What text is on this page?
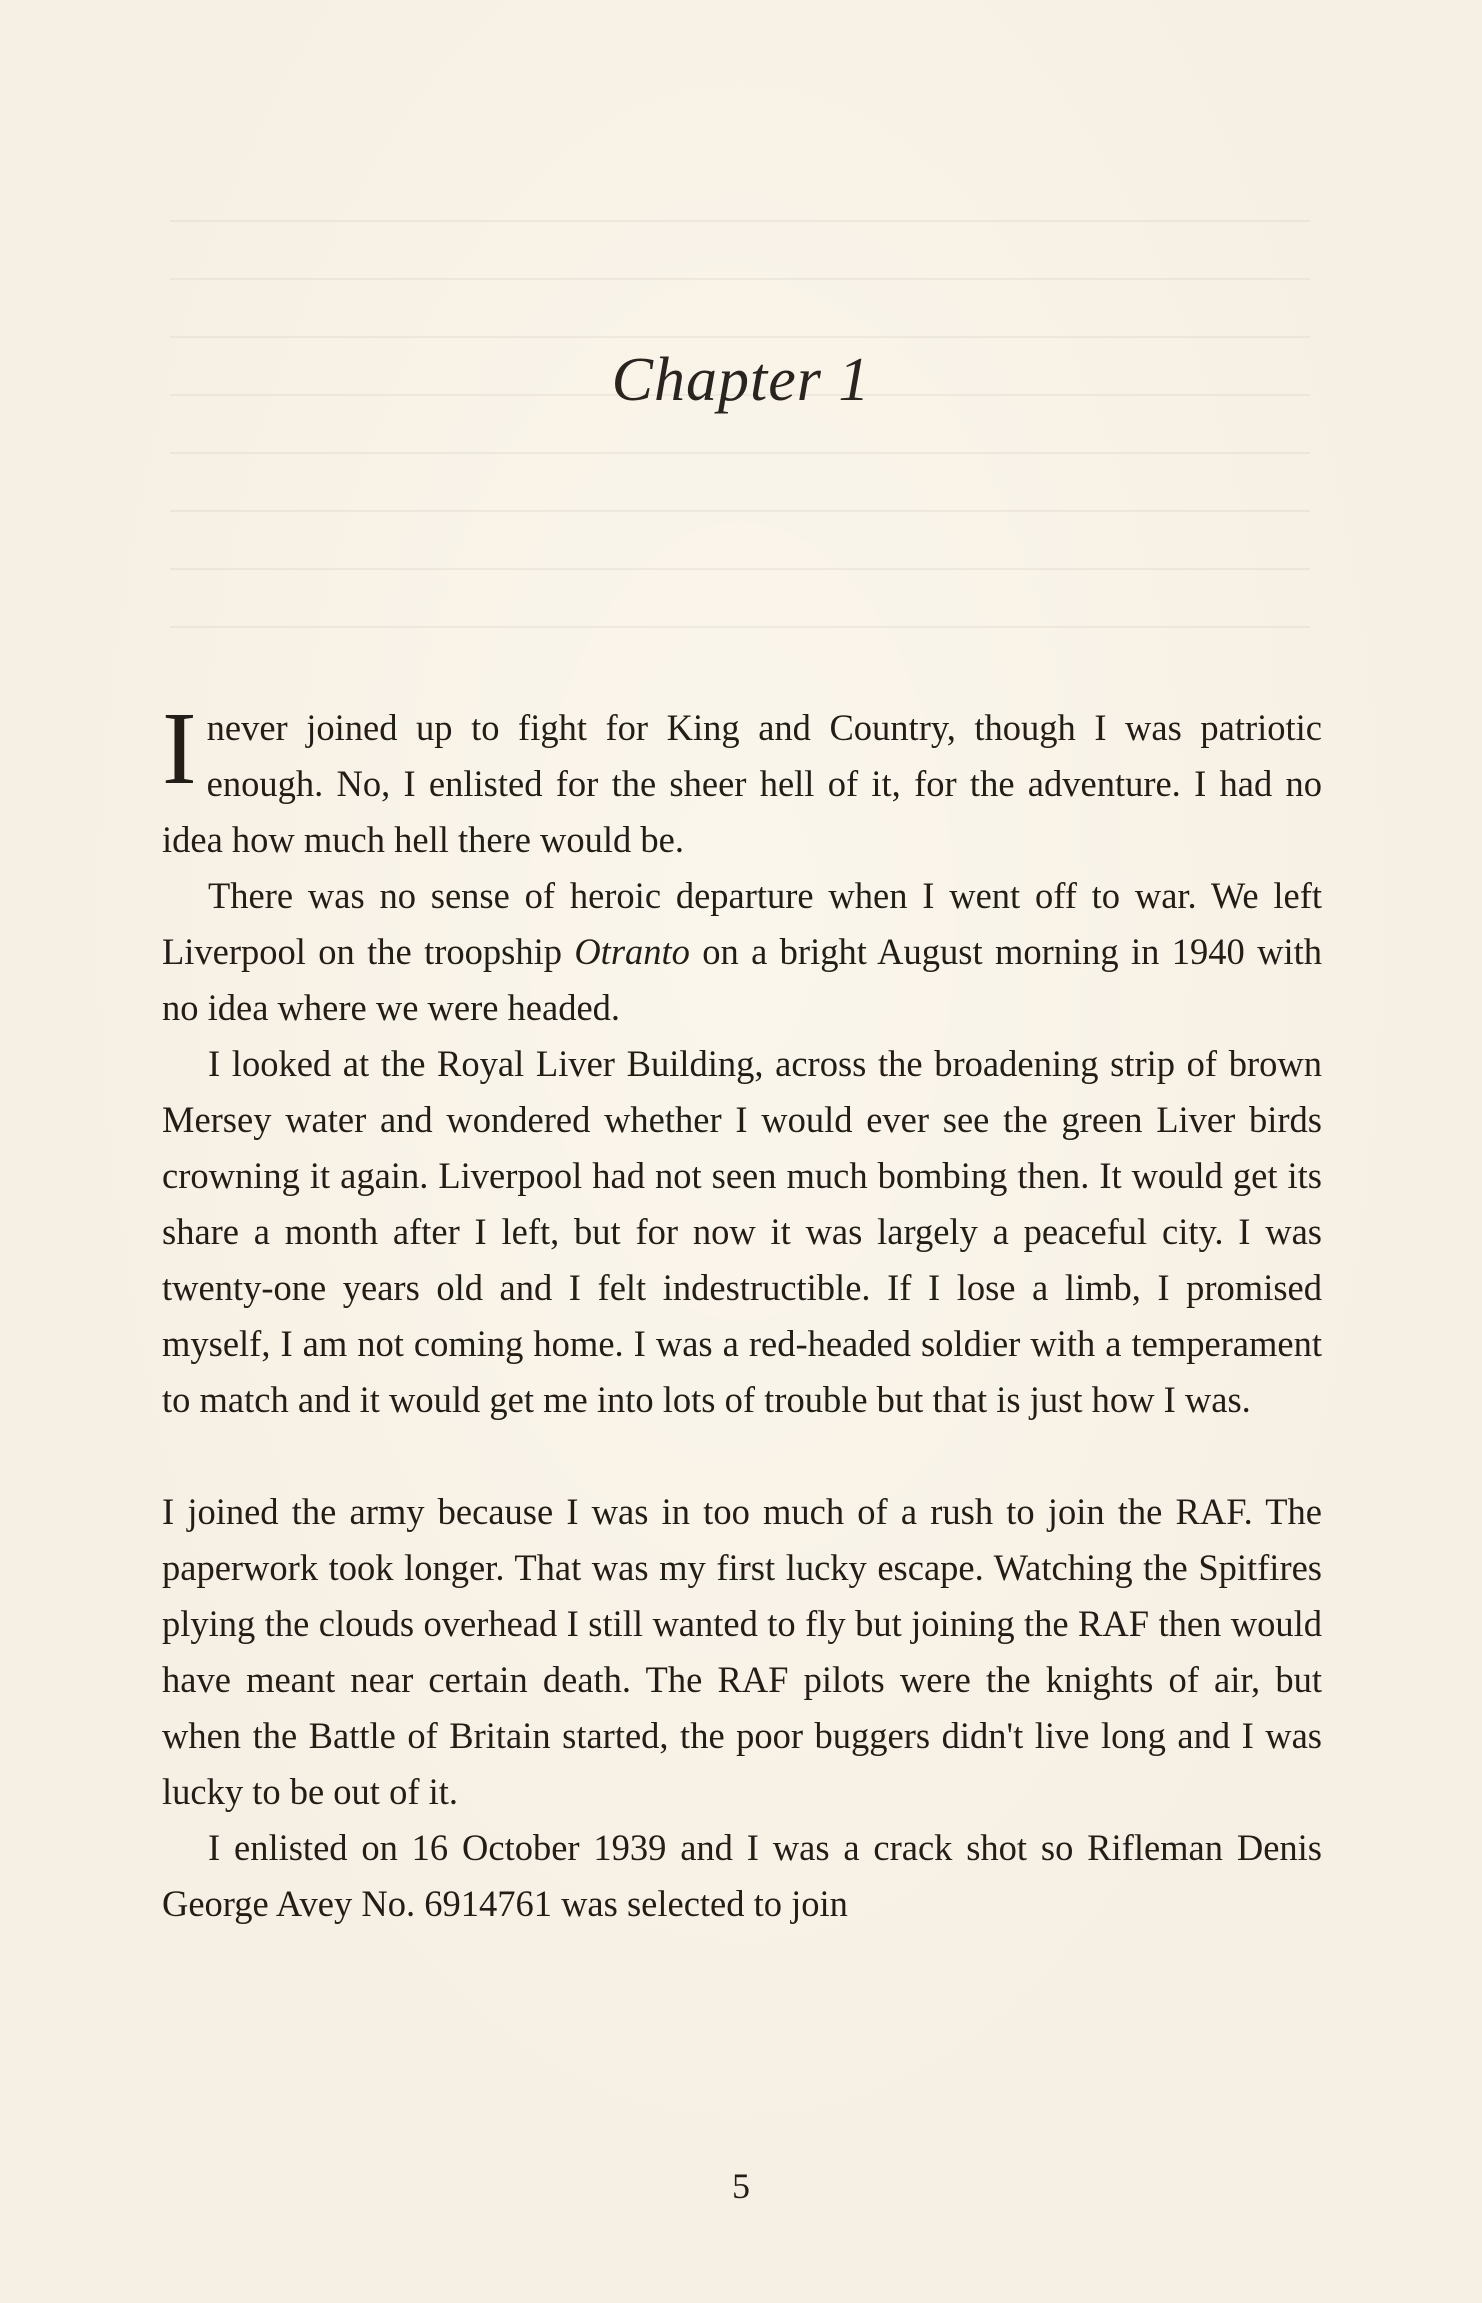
Chapter 1

I never joined up to fight for King and Country, though I was patriotic enough. No, I enlisted for the sheer hell of it, for the adventure. I had no idea how much hell there would be.

There was no sense of heroic departure when I went off to war. We left Liverpool on the troopship Otranto on a bright August morning in 1940 with no idea where we were headed.

I looked at the Royal Liver Building, across the broadening strip of brown Mersey water and wondered whether I would ever see the green Liver birds crowning it again. Liverpool had not seen much bombing then. It would get its share a month after I left, but for now it was largely a peaceful city. I was twenty-one years old and I felt indestructible. If I lose a limb, I promised myself, I am not coming home. I was a red-headed soldier with a temperament to match and it would get me into lots of trouble but that is just how I was.

I joined the army because I was in too much of a rush to join the RAF. The paperwork took longer. That was my first lucky escape. Watching the Spitfires plying the clouds overhead I still wanted to fly but joining the RAF then would have meant near certain death. The RAF pilots were the knights of air, but when the Battle of Britain started, the poor buggers didn't live long and I was lucky to be out of it.

I enlisted on 16 October 1939 and I was a crack shot so Rifleman Denis George Avey No. 6914761 was selected to join

5
